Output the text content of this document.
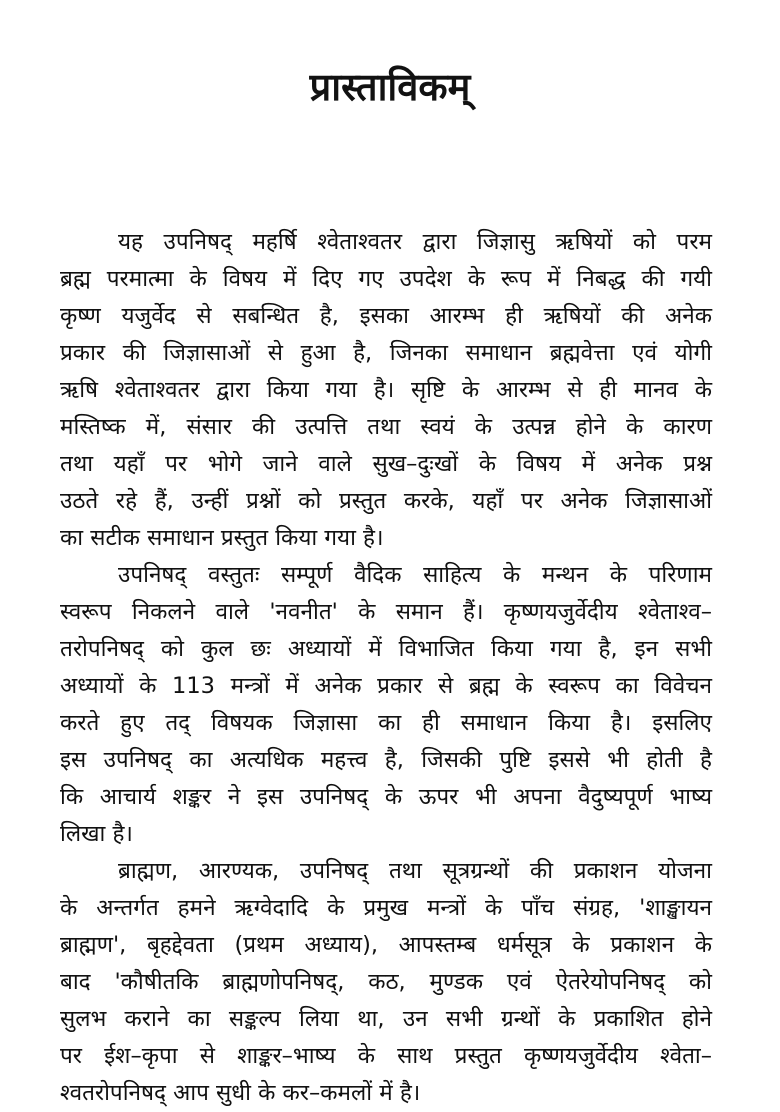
प्रास्ताविकम्
यह उपनिषद् महर्षि श्वेताश्वतर द्वारा जिज्ञासु ऋषियों को परम
ब्रह्म परमात्मा के विषय में दिए गए उपदेश के रूप में निबद्ध की गयी
कृष्ण यजुर्वेद से सबन्धित है, इसका आरम्भ ही ऋषियों की अनेक
प्रकार की जिज्ञासाओं से हुआ है, जिनका समाधान ब्रह्मवेत्ता एवं योगी
ऋषि श्वेताश्वतर द्वारा किया गया है। सृष्टि के आरम्भ से ही मानव के
मस्तिष्क में, संसार की उत्पत्ति तथा स्वयं के उत्पन्न होने के कारण
तथा यहाँ पर भोगे जाने वाले सुख–दुःखों के विषय में अनेक प्रश्न
उठते रहे हैं, उन्हीं प्रश्नों को प्रस्तुत करके, यहाँ पर अनेक जिज्ञासाओं
का सटीक समाधान प्रस्तुत किया गया है।
उपनिषद् वस्तुतः सम्पूर्ण वैदिक साहित्य के मन्थन के परिणाम
स्वरूप निकलने वाले 'नवनीत' के समान हैं। कृष्णयजुर्वेदीय श्वेताश्व–
तरोपनिषद् को कुल छः अध्यायों में विभाजित किया गया है, इन सभी
अध्यायों के 113 मन्त्रों में अनेक प्रकार से ब्रह्म के स्वरूप का विवेचन
करते हुए तद् विषयक जिज्ञासा का ही समाधान किया है। इसलिए
इस उपनिषद् का अत्यधिक महत्त्व है, जिसकी पुष्टि इससे भी होती है
कि आचार्य शङ्कर ने इस उपनिषद् के ऊपर भी अपना वैदुष्यपूर्ण भाष्य
लिखा है।
ब्राह्मण, आरण्यक, उपनिषद् तथा सूत्रग्रन्थों की प्रकाशन योजना
के अन्तर्गत हमने ऋग्वेदादि के प्रमुख मन्त्रों के पाँच संग्रह, 'शाङ्खायन
ब्राह्मण', बृहद्देवता (प्रथम अध्याय), आपस्तम्ब धर्मसूत्र के प्रकाशन के
बाद 'कौषीतकि ब्राह्मणोपनिषद्, कठ, मुण्डक एवं ऐतरेयोपनिषद् को
सुलभ कराने का सङ्कल्प लिया था, उन सभी ग्रन्थों के प्रकाशित होने
पर ईश–कृपा से शाङ्कर–भाष्य के साथ प्रस्तुत कृष्णयजुर्वेदीय श्वेता–
श्वतरोपनिषद् आप सुधी के कर–कमलों में है।
